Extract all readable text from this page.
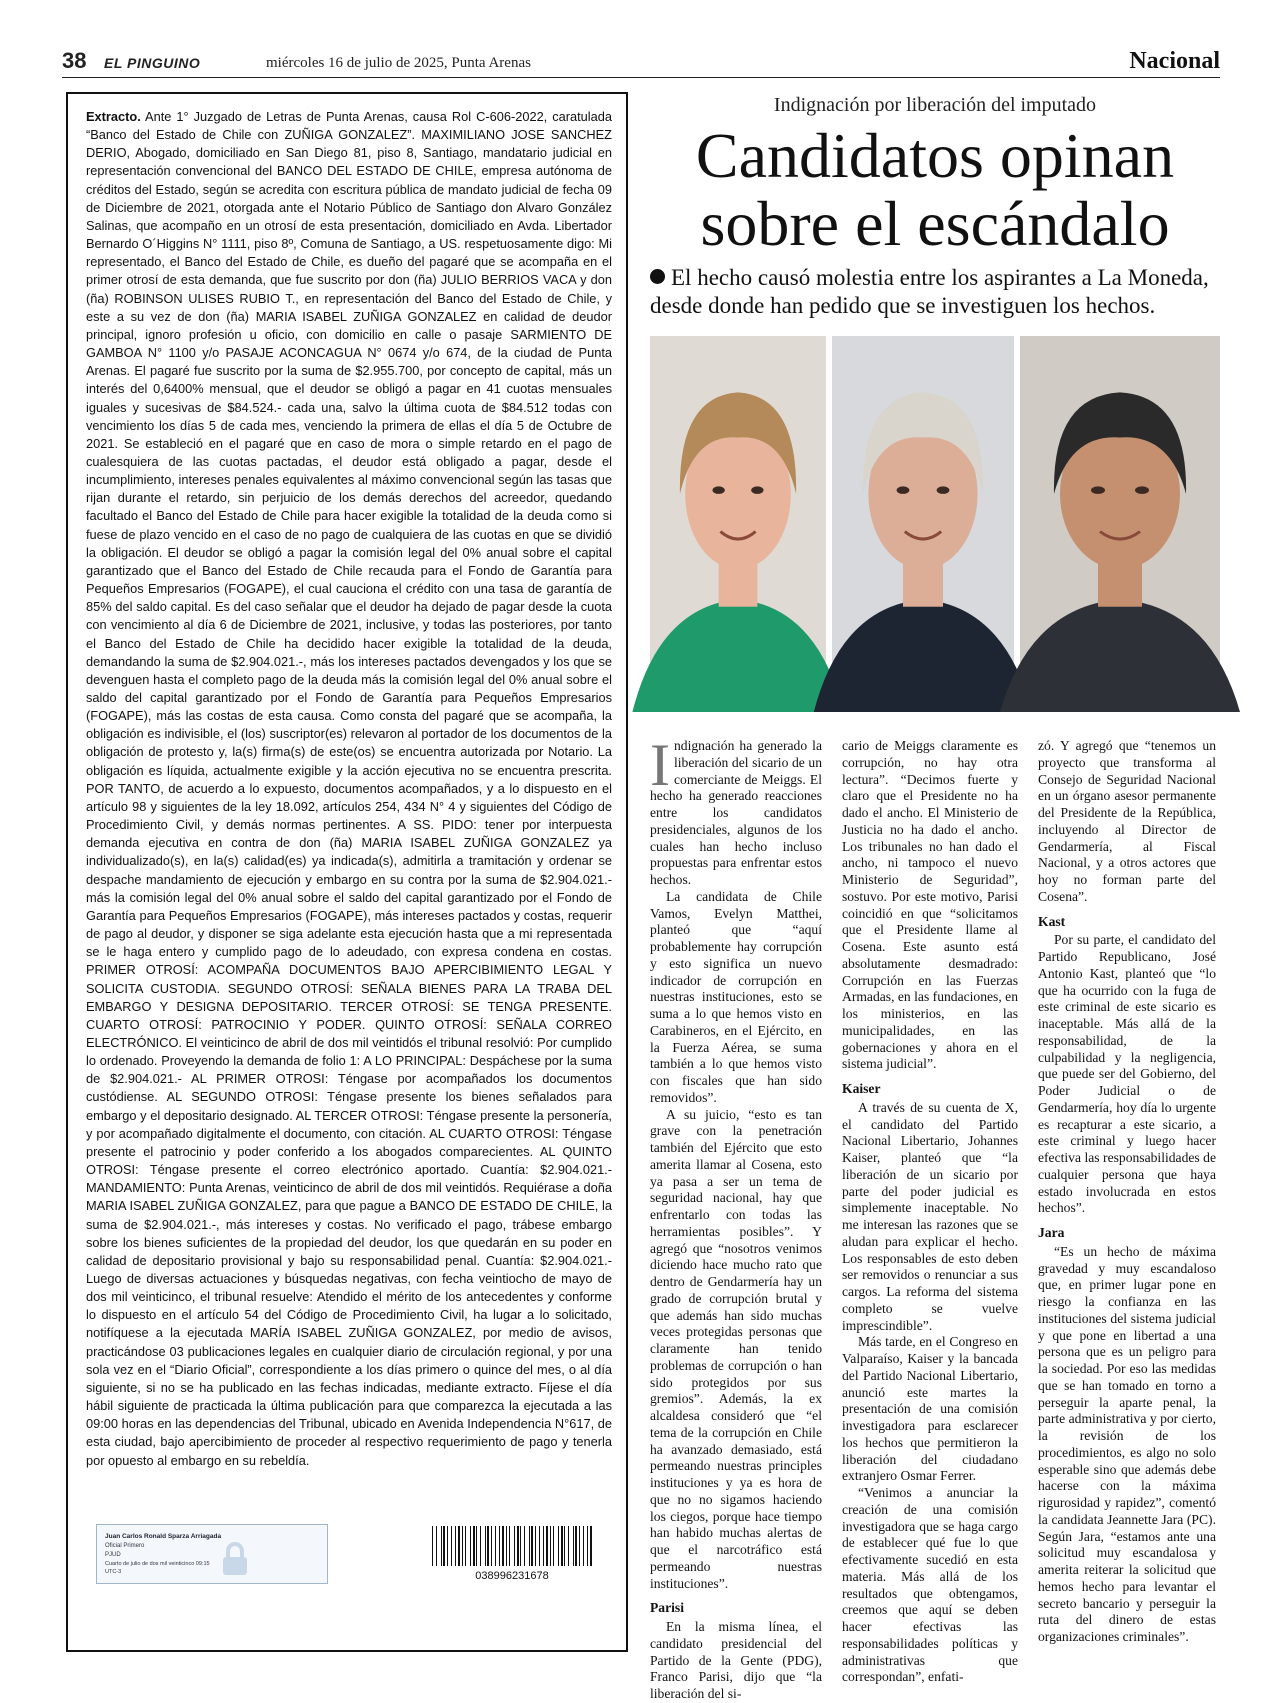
38 EL PINGUINO	miércoles 16 de julio de 2025, Punta Arenas	Nacional
Extracto. Ante 1° Juzgado de Letras de Punta Arenas, causa Rol C-606-2022, caratulada “Banco del Estado de Chile con ZUÑIGA GONZALEZ”. MAXIMILIANO JOSE SANCHEZ DERIO, Abogado, domiciliado en San Diego 81, piso 8, Santiago, mandatario judicial en representación convencional del BANCO DEL ESTADO DE CHILE, empresa autónoma de créditos del Estado, según se acredita con escritura pública de mandato judicial de fecha 09 de Diciembre de 2021, otorgada ante el Notario Público de Santiago don Alvaro González Salinas, que acompaño en un otrosí de esta presentación, domiciliado en Avda. Libertador Bernardo O´Higgins N° 1111, piso 8º, Comuna de Santiago, a US. respetuosamente digo: Mi representado, el Banco del Estado de Chile, es dueño del pagaré que se acompaña en el primer otrosí de esta demanda, que fue suscrito por don (ña) JULIO BERRIOS VACA y don (ña) ROBINSON ULISES RUBIO T., en representación del Banco del Estado de Chile, y este a su vez de don (ña) MARIA ISABEL ZUÑIGA GONZALEZ en calidad de deudor principal, ignoro profesión u oficio, con domicilio en calle o pasaje SARMIENTO DE GAMBOA N° 1100 y/o PASAJE ACONCAGUA N° 0674 y/o 674, de la ciudad de Punta Arenas. El pagaré fue suscrito por la suma de $2.955.700, por concepto de capital, más un interés del 0,6400% mensual, que el deudor se obligó a pagar en 41 cuotas mensuales iguales y sucesivas de $84.524.- cada una, salvo la última cuota de $84.512 todas con vencimiento los días 5 de cada mes, venciendo la primera de ellas el día 5 de Octubre de 2021. Se estableció en el pagaré que en caso de mora o simple retardo en el pago de cualesquiera de las cuotas pactadas, el deudor está obligado a pagar, desde el incumplimiento, intereses penales equivalentes al máximo convencional según las tasas que rijan durante el retardo, sin perjuicio de los demás derechos del acreedor, quedando facultado el Banco del Estado de Chile para hacer exigible la totalidad de la deuda como si fuese de plazo vencido en el caso de no pago de cualquiera de las cuotas en que se dividió la obligación. El deudor se obligó a pagar la comisión legal del 0% anual sobre el capital garantizado que el Banco del Estado de Chile recauda para el Fondo de Garantía para Pequeños Empresarios (FOGAPE), el cual cauciona el crédito con una tasa de garantía de 85% del saldo capital. Es del caso señalar que el deudor ha dejado de pagar desde la cuota con vencimiento al día 6 de Diciembre de 2021, inclusive, y todas las posteriores, por tanto el Banco del Estado de Chile ha decidido hacer exigible la totalidad de la deuda, demandando la suma de $2.904.021.-, más los intereses pactados devengados y los que se devenguen hasta el completo pago de la deuda más la comisión legal del 0% anual sobre el saldo del capital garantizado por el Fondo de Garantía para Pequeños Empresarios (FOGAPE), más las costas de esta causa. Como consta del pagaré que se acompaña, la obligación es indivisible, el (los) suscriptor(es) relevaron al portador de los documentos de la obligación de protesto y, la(s) firma(s) de este(os) se encuentra autorizada por Notario. La obligación es líquida, actualmente exigible y la acción ejecutiva no se encuentra prescrita. POR TANTO, de acuerdo a lo expuesto, documentos acompañados, y a lo dispuesto en el artículo 98 y siguientes de la ley 18.092, artículos 254, 434 N° 4 y siguientes del Código de Procedimiento Civil, y demás normas pertinentes. A SS. PIDO: tener por interpuesta demanda ejecutiva en contra de don (ña) MARIA ISABEL ZUÑIGA GONZALEZ ya individualizado(s), en la(s) calidad(es) ya indicada(s), admitirla a tramitación y ordenar se despache mandamiento de ejecución y embargo en su contra por la suma de $2.904.021.- más la comisión legal del 0% anual sobre el saldo del capital garantizado por el Fondo de Garantía para Pequeños Empresarios (FOGAPE), más intereses pactados y costas, requerir de pago al deudor, y disponer se siga adelante esta ejecución hasta que a mi representada se le haga entero y cumplido pago de lo adeudado, con expresa condena en costas. PRIMER OTROSÍ: ACOMPAÑA DOCUMENTOS BAJO APERCIBIMIENTO LEGAL Y SOLICITA CUSTODIA. SEGUNDO OTROSÍ: SEÑALA BIENES PARA LA TRABA DEL EMBARGO Y DESIGNA DEPOSITARIO. TERCER OTROSÍ: SE TENGA PRESENTE. CUARTO OTROSÍ: PATROCINIO Y PODER. QUINTO OTROSÍ: SEÑALA CORREO ELECTRÓNICO. El veinticinco de abril de dos mil veintidós el tribunal resolvió: Por cumplido lo ordenado. Proveyendo la demanda de folio 1: A LO PRINCIPAL: Despáchese por la suma de $2.904.021.- AL PRIMER OTROSI: Téngase por acompañados los documentos custódiense. AL SEGUNDO OTROSI: Téngase presente los bienes señalados para embargo y el depositario designado. AL TERCER OTROSI: Téngase presente la personería, y por acompañado digitalmente el documento, con citación. AL CUARTO OTROSI: Téngase presente el patrocinio y poder conferido a los abogados comparecientes. AL QUINTO OTROSI: Téngase presente el correo electrónico aportado. Cuantía: $2.904.021.- MANDAMIENTO: Punta Arenas, veinticinco de abril de dos mil veintidós. Requiérase a doña MARIA ISABEL ZUÑIGA GONZALEZ, para que pague a BANCO DE ESTADO DE CHILE, la suma de $2.904.021.-, más intereses y costas. No verificado el pago, trábese embargo sobre los bienes suficientes de la propiedad del deudor, los que quedarán en su poder en calidad de depositario provisional y bajo su responsabilidad penal. Cuantía: $2.904.021.- Luego de diversas actuaciones y búsquedas negativas, con fecha veintiocho de mayo de dos mil veinticinco, el tribunal resuelve: Atendido el mérito de los antecedentes y conforme lo dispuesto en el artículo 54 del Código de Procedimiento Civil, ha lugar a lo solicitado, notifíquese a la ejecutada MARÍA ISABEL ZUÑIGA GONZALEZ, por medio de avisos, practicándose 03 publicaciones legales en cualquier diario de circulación regional, y por una sola vez en el “Diario Oficial”, correspondiente a los días primero o quince del mes, o al día siguiente, si no se ha publicado en las fechas indicadas, mediante extracto. Fíjese el día hábil siguiente de practicada la última publicación para que comparezca la ejecutada a las 09:00 horas en las dependencias del Tribunal, ubicado en Avenida Independencia N°617, de esta ciudad, bajo apercibimiento de proceder al respectivo requerimiento de pago y tenerla por opuesto al embargo en su rebeldía.
Juan Carlos Ronald Sparza Arriagada
Oficial Primero
PJUD
Cuarto de julio de dos mil veinticinco 09:15
UTC-3	038996231678
Indignación por liberación del imputado
Candidatos opinan
sobre el escándalo
El hecho causó molestia entre los aspirantes a La Moneda, desde donde han pedido que se investiguen los hechos.

Indignación ha generado la liberación del sicario de un comerciante de Meiggs. El hecho ha generado reacciones entre los candidatos presidenciales, algunos de los cuales han hecho incluso propuestas para enfrentar estos hechos.

La candidata de Chile Vamos, Evelyn Matthei, planteó que “aquí probablemente hay corrupción y esto significa un nuevo indicador de corrupción en nuestras instituciones, esto se suma a lo que hemos visto en Carabineros, en el Ejército, en la Fuerza Aérea, se suma también a lo que hemos visto con fiscales que han sido removidos”.

A su juicio, “esto es tan grave con la penetración también del Ejército que esto amerita llamar al Cosena, esto ya pasa a ser un tema de seguridad nacional, hay que enfrentarlo con todas las herramientas posibles”. Y agregó que “nosotros venimos diciendo hace mucho rato que dentro de Gendarmería hay un grado de corrupción brutal y que además han sido muchas veces protegidas personas que claramente han tenido problemas de corrupción o han sido protegidos por sus gremios”. Además, la ex alcaldesa consideró que “el tema de la corrupción en Chile ha avanzado demasiado, está permeando nuestras principles instituciones y ya es hora de que no no sigamos haciendo los ciegos, porque hace tiempo han habido muchas alertas de que el narcotráfico está permeando nuestras instituciones”.

Parisi

En la misma línea, el candidato presidencial del Partido de la Gente (PDG), Franco Parisi, dijo que “la liberación del si-

cario de Meiggs claramente es corrupción, no hay otra lectura”. “Decimos fuerte y claro que el Presidente no ha dado el ancho. El Ministerio de Justicia no ha dado el ancho. Los tribunales no han dado el ancho, ni tampoco el nuevo Ministerio de Seguridad”, sostuvo. Por este motivo, Parisi coincidió en que “solicitamos que el Presidente llame al Cosena. Este asunto está absolutamente desmadrado: Corrupción en las Fuerzas Armadas, en las fundaciones, en los ministerios, en las municipalidades, en las gobernaciones y ahora en el sistema judicial”.

Kaiser

A través de su cuenta de X, el candidato del Partido Nacional Libertario, Johannes Kaiser, planteó que “la liberación de un sicario por parte del poder judicial es simplemente inaceptable. No me interesan las razones que se aludan para explicar el hecho. Los responsables de esto deben ser removidos o renunciar a sus cargos. La reforma del sistema completo se vuelve imprescindible”.

Más tarde, en el Congreso en Valparaíso, Kaiser y la bancada del Partido Nacional Libertario, anunció este martes la presentación de una comisión investigadora para esclarecer los hechos que permitieron la liberación del ciudadano extranjero Osmar Ferrer.

“Venimos a anunciar la creación de una comisión investigadora que se haga cargo de establecer qué fue lo que efectivamente sucedió en esta materia. Más allá de los resultados que obtengamos, creemos que aquí se deben hacer efectivas las responsabilidades políticas y administrativas que correspondan”, enfati-

zó. Y agregó que “tenemos un proyecto que transforma al Consejo de Seguridad Nacional en un órgano asesor permanente del Presidente de la República, incluyendo al Director de Gendarmería, al Fiscal Nacional, y a otros actores que hoy no forman parte del Cosena”.

Kast

Por su parte, el candidato del Partido Republicano, José Antonio Kast, planteó que “lo que ha ocurrido con la fuga de este criminal de este sicario es inaceptable. Más allá de la responsabilidad, de la culpabilidad y la negligencia, que puede ser del Gobierno, del Poder Judicial o de Gendarmería, hoy día lo urgente es recapturar a este sicario, a este criminal y luego hacer efectiva las responsabilidades de cualquier persona que haya estado involucrada en estos hechos”.

Jara

“Es un hecho de máxima gravedad y muy escandaloso que, en primer lugar pone en riesgo la confianza en las instituciones del sistema judicial y que pone en libertad a una persona que es un peligro para la sociedad. Por eso las medidas que se han tomado en torno a perseguir la aparte penal, la parte administrativa y por cierto, la revisión de los procedimientos, es algo no solo esperable sino que además debe hacerse con la máxima rigurosidad y rapidez”, comentó la candidata Jeannette Jara (PC). Según Jara, “estamos ante una solicitud muy escandalosa y amerita reiterar la solicitud que hemos hecho para levantar el secreto bancario y perseguir la ruta del dinero de estas organizaciones criminales”.
